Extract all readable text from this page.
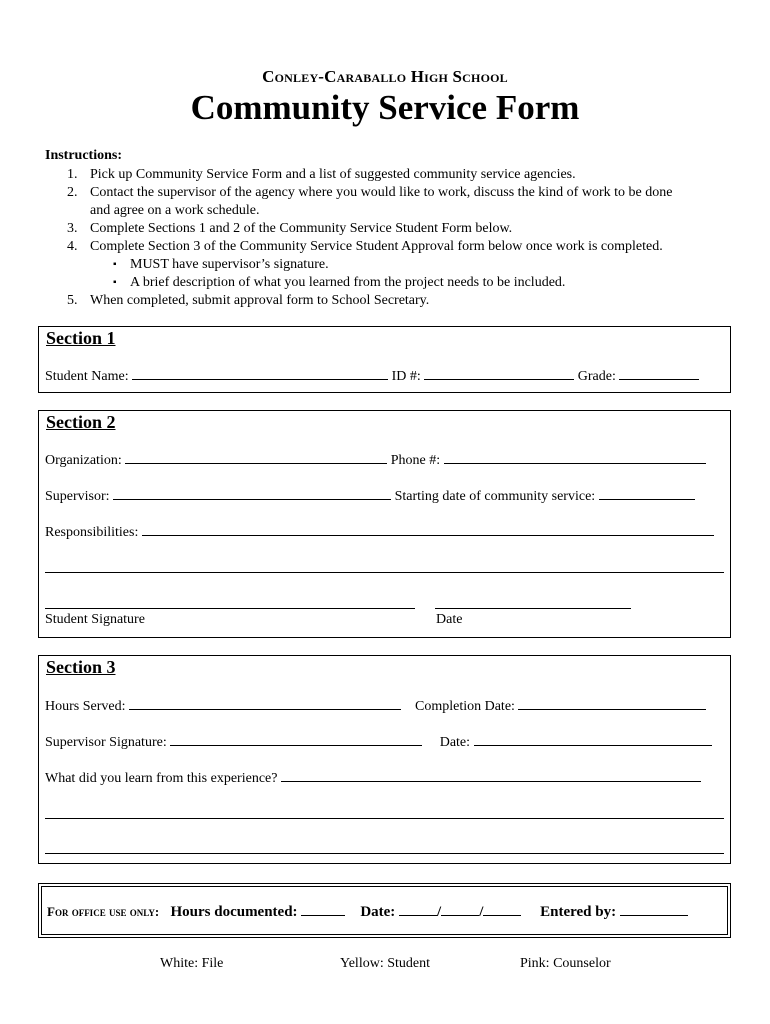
Conley-Caraballo High School
Community Service Form
Instructions:
1. Pick up Community Service Form and a list of suggested community service agencies.
2. Contact the supervisor of the agency where you would like to work, discuss the kind of work to be done
and agree on a work schedule.
3. Complete Sections 1 and 2 of the Community Service Student Form below.
4. Complete Section 3 of the Community Service Student Approval form below once work is completed.
▪ MUST have supervisor’s signature.
▪ A brief description of what you learned from the project needs to be included.
5. When completed, submit approval form to School Secretary.
Section 1
Student Name:	ID #:	Grade:
Section 2
Organization:	Phone #:
Supervisor:	Starting date of community service:
Responsibilities:
Student Signature	Date
Section 3
Hours Served:	Completion Date:
Supervisor Signature:	Date:
What did you learn from this experience?
For office use only: Hours documented:	Date:	/	/	Entered by:
White: File	Yellow: Student	Pink: Counselor
